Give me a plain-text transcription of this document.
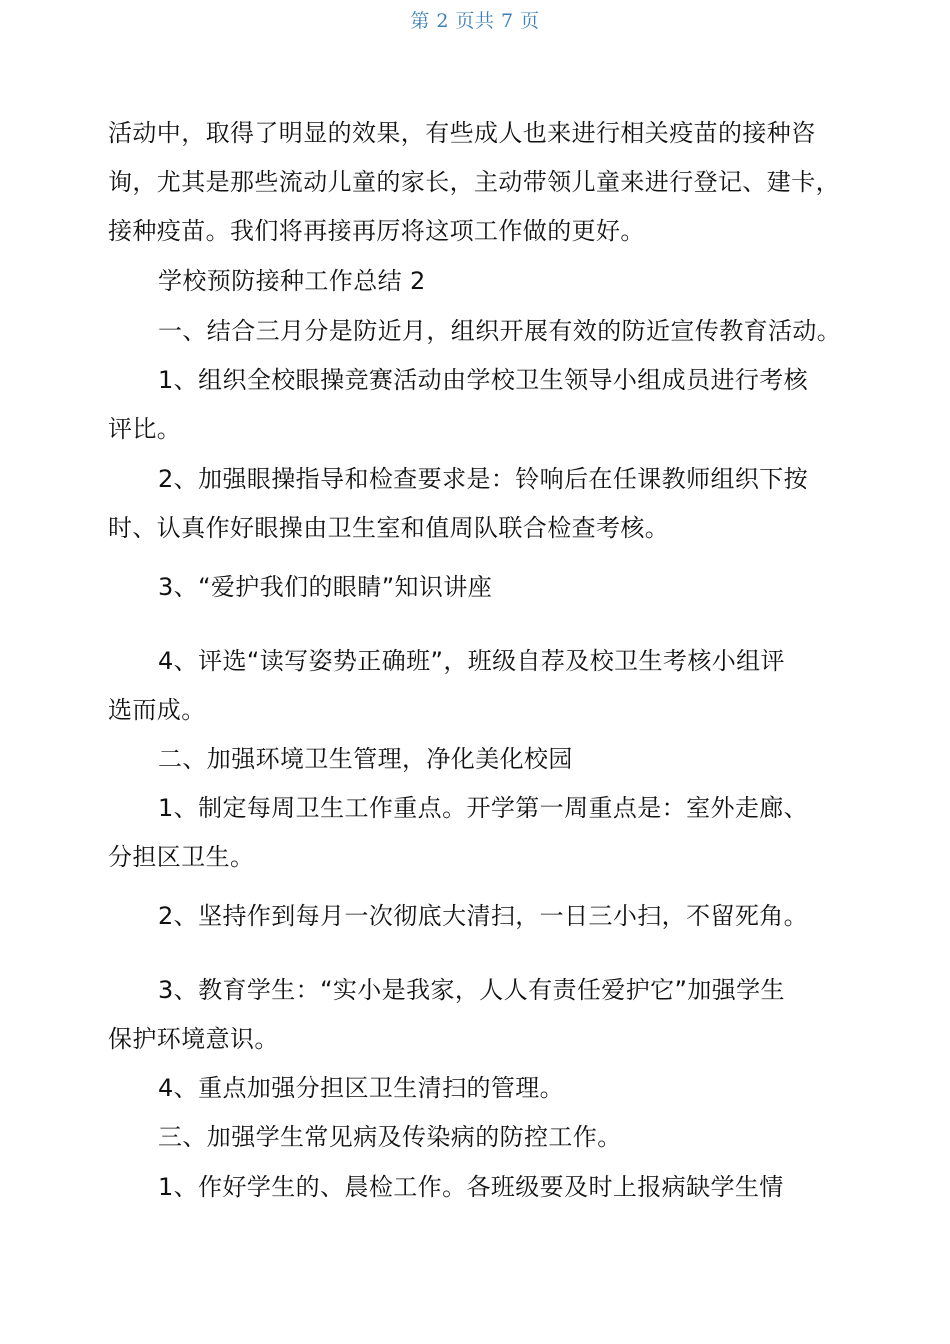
第 2 页共 7 页
活动中，取得了明显的效果，有些成人也来进行相关疫苗的接种咨
询，尤其是那些流动儿童的家长，主动带领儿童来进行登记、建卡，
接种疫苗。我们将再接再厉将这项工作做的更好。
学校预防接种工作总结 2
一、结合三月分是防近月，组织开展有效的防近宣传教育活动。
1、组织全校眼操竞赛活动由学校卫生领导小组成员进行考核
评比。
2、加强眼操指导和检查要求是：铃响后在任课教师组织下按
时、认真作好眼操由卫生室和值周队联合检查考核。
3、“爱护我们的眼睛”知识讲座
4、评选“读写姿势正确班”，班级自荐及校卫生考核小组评
选而成。
二、加强环境卫生管理，净化美化校园
1、制定每周卫生工作重点。开学第一周重点是：室外走廊、
分担区卫生。
2、坚持作到每月一次彻底大清扫，一日三小扫，不留死角。
3、教育学生：“实小是我家，人人有责任爱护它”加强学生
保护环境意识。
4、重点加强分担区卫生清扫的管理。
三、加强学生常见病及传染病的防控工作。
1、作好学生的、晨检工作。各班级要及时上报病缺学生情
